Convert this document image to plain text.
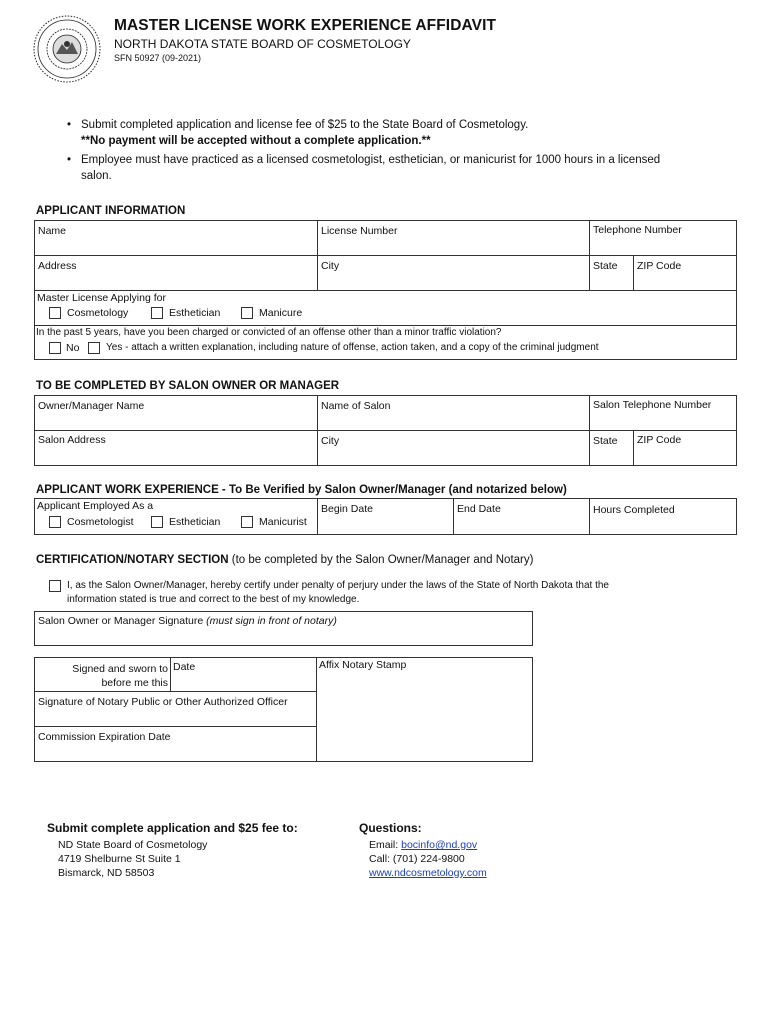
MASTER LICENSE WORK EXPERIENCE AFFIDAVIT
NORTH DAKOTA STATE BOARD OF COSMETOLOGY
SFN 50927 (09-2021)
• Submit completed application and license fee of $25 to the State Board of Cosmetology.
**No payment will be accepted without a complete application.**
• Employee must have practiced as a licensed cosmetologist, esthetician, or manicurist for 1000 hours in a licensed
salon.
APPLICANT INFORMATION
Name	License Number	Telephone Number
Address	City	State ZIP Code
Master License Applying for
Cosmetology	Esthetician	Manicure
In the past 5 years, have you been charged or convicted of an offense other than a minor traffic violation?
No	Yes - attach a written explanation, including nature of offense, action taken, and a copy of the criminal judgment
TO BE COMPLETED BY SALON OWNER OR MANAGER
Owner/Manager Name	Name of Salon	Salon Telephone Number
Salon Address	City	State ZIP Code
APPLICANT WORK EXPERIENCE - To Be Verified by Salon Owner/Manager (and notarized below)
Applicant Employed As a
Cosmetologist	Esthetician	Manicurist
Begin Date	End Date	Hours Completed
CERTIFICATION/NOTARY SECTION (to be completed by the Salon Owner/Manager and Notary)
I, as the Salon Owner/Manager, hereby certify under penalty of perjury under the laws of the State of North Dakota that the
information stated is true and correct to the best of my knowledge.
Salon Owner or Manager Signature (must sign in front of notary)
Signed and sworn to
before me this
Date	Affix Notary Stamp
Signature of Notary Public or Other Authorized Officer
Commission Expiration Date
Submit complete application and $25 fee to:
ND State Board of Cosmetology
4719 Shelburne St Suite 1
Bismarck, ND 58503
Questions:
Email: bocinfo@nd.gov
Call: (701) 224-9800
www.ndcosmetology.com
